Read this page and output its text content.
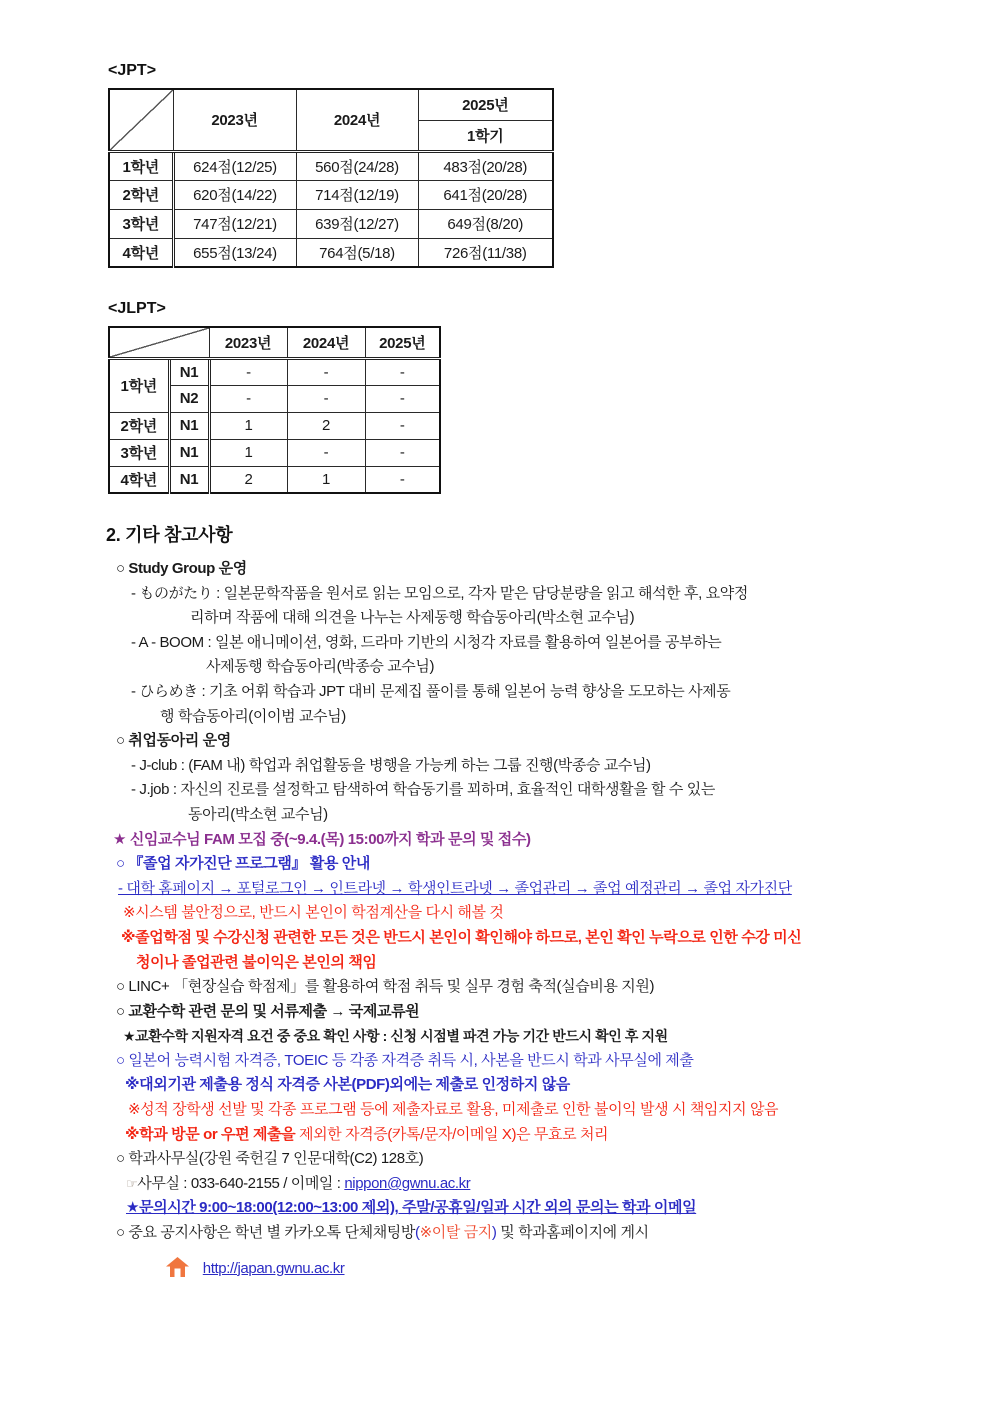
<JPT>
	2023년	2024년	2025년
			1학기
1학년	624점(12/25)	560점(24/28)	483점(20/28)
2학년	620점(14/22)	714점(12/19)	641점(20/28)
3학년	747점(12/21)	639점(12/27)	649점(8/20)
4학년	655점(13/24)	764점(5/18)	726점(11/38)
<JLPT>
		2023년	2024년	2025년
1학년	N1	-	-	-
	N2	-	-	-
2학년	N1	1	2	-
3학년	N1	1	-	-
4학년	N1	2	1	-
2. 기타 참고사항
○ Study Group 운영
- ものがたり : 일본문학작품을 원서로 읽는 모임으로, 각자 맡은 담당분량을 읽고 해석한 후, 요약정
리하며 작품에 대해 의견을 나누는 사제동행 학습동아리(박소현 교수님)
- A - BOOM : 일본 애니메이션, 영화, 드라마 기반의 시청각 자료를 활용하여 일본어를 공부하는
사제동행 학습동아리(박종승 교수님)
- ひらめき : 기초 어휘 학습과 JPT 대비 문제집 풀이를 통해 일본어 능력 향상을 도모하는 사제동
행 학습동아리(이이범 교수님)
○ 취업동아리 운영
- J-club : (FAM 내) 학업과 취업활동을 병행을 가능케 하는 그룹 진행(박종승 교수님)
- J.job : 자신의 진로를 설정학고 탐색하여 학습동기를 꾀하며, 효율적인 대학생활을 할 수 있는
동아리(박소현 교수님)
★ 신임교수님 FAM 모집 중(~9.4.(목) 15:00까지 학과 문의 및 접수)
○ 『졸업 자가진단 프로그램』 활용 안내
- 대학 홈페이지 → 포털로그인 → 인트라넷 → 학생인트라넷 → 졸업관리 → 졸업 예정관리 → 졸업 자가진단
※시스템 불안정으로, 반드시 본인이 학점계산을 다시 해볼 것
※졸업학점 및 수강신청 관련한 모든 것은 반드시 본인이 확인해야 하므로, 본인 확인 누락으로 인한 수강 미신
청이나 졸업관련 불이익은 본인의 책임
○ LINC+ 「현장실습 학점제」를 활용하여 학점 취득 및 실무 경험 축적(실습비용 지원)
○ 교환수학 관련 문의 및 서류제출 → 국제교류원
★교환수학 지원자격 요건 중 중요 확인 사항 : 신청 시점별 파견 가능 기간 반드시 확인 후 지원
○ 일본어 능력시험 자격증, TOEIC 등 각종 자격증 취득 시, 사본을 반드시 학과 사무실에 제출
※대외기관 제출용 정식 자격증 사본(PDF)외에는 제출로 인정하지 않음
※성적 장학생 선발 및 각종 프로그램 등에 제출자료로 활용, 미제출로 인한 불이익 발생 시 책임지지 않음
※학과 방문 or 우편 제출을 제외한 자격증(카톡/문자/이메일 X)은 무효로 처리
○ 학과사무실(강원 죽헌길 7 인문대학(C2) 128호)
☞사무실 : 033-640-2155 / 이메일 : nippon@gwnu.ac.kr
★문의시간 9:00~18:00(12:00~13:00 제외), 주말/공휴일/일과 시간 외의 문의는 학과 이메일
○ 중요 공지사항은 학년 별 카카오톡 단체채팅방(※이탈 금지) 및 학과홈페이지에 게시
http://japan.gwnu.ac.kr
